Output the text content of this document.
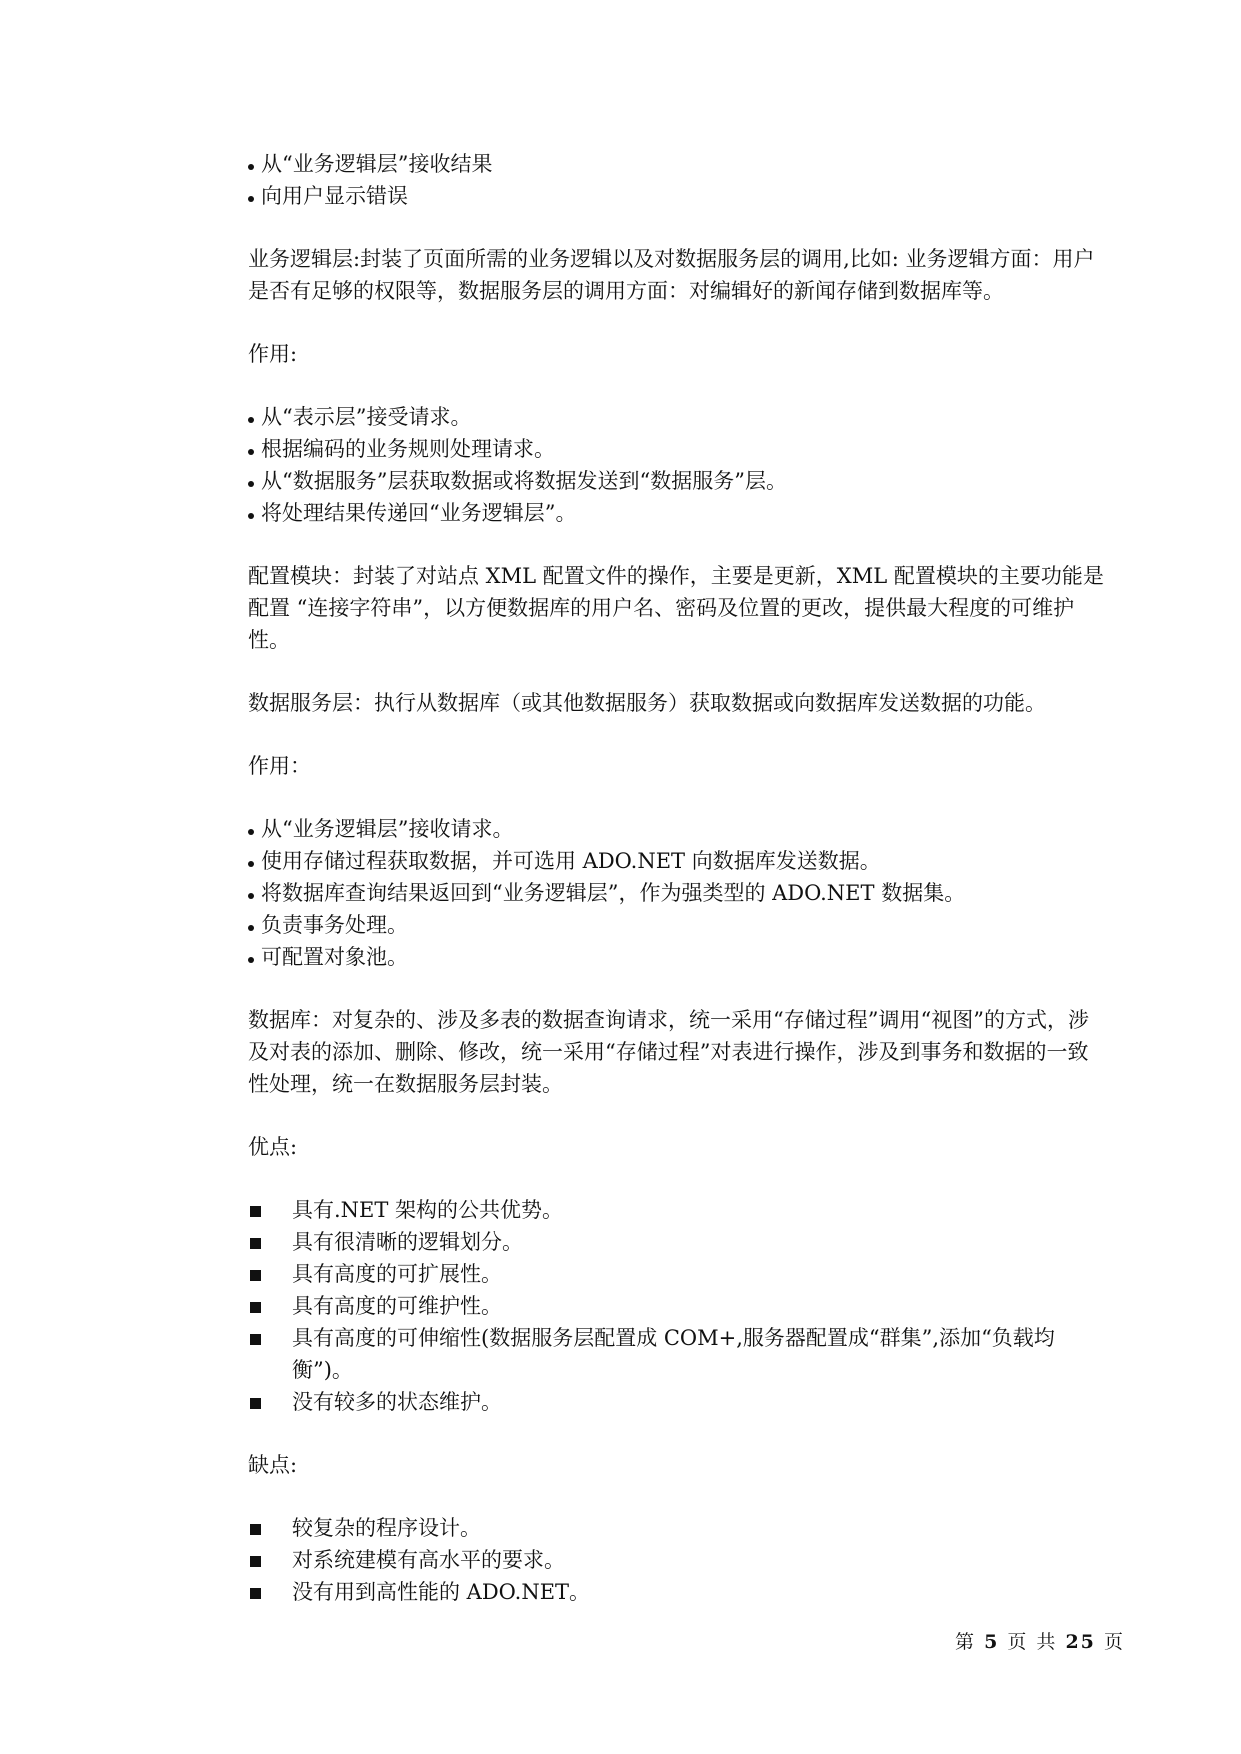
从“业务逻辑层”接收结果

向用户显示错误

业务逻辑层:封装了页面所需的业务逻辑以及对数据服务层的调用,比如: 业务逻辑方面：用户是否有足够的权限等，数据服务层的调用方面：对编辑好的新闻存储到数据库等。

作用:

从“表示层”接受请求。

根据编码的业务规则处理请求。

从“数据服务”层获取数据或将数据发送到“数据服务”层。

将处理结果传递回“业务逻辑层”。

配置模块：封装了对站点 XML 配置文件的操作，主要是更新，XML 配置模块的主要功能是配置 “连接字符串”，以方便数据库的用户名、密码及位置的更改，提供最大程度的可维护性。

数据服务层：执行从数据库（或其他数据服务）获取数据或向数据库发送数据的功能。

作用：

从“业务逻辑层”接收请求。

使用存储过程获取数据，并可选用 ADO.NET 向数据库发送数据。

将数据库查询结果返回到“业务逻辑层”，作为强类型的 ADO.NET 数据集。

负责事务处理。

可配置对象池。

数据库：对复杂的、涉及多表的数据查询请求，统一采用“存储过程”调用“视图”的方式，涉及对表的添加、删除、修改，统一采用“存储过程”对表进行操作，涉及到事务和数据的一致性处理，统一在数据服务层封装。

优点:

具有.NET 架构的公共优势。

具有很清晰的逻辑划分。

具有高度的可扩展性。

具有高度的可维护性。

具有高度的可伸缩性(数据服务层配置成 COM+,服务器配置成“群集”,添加“负载均衡”)。

没有较多的状态维护。

缺点:

较复杂的程序设计。

对系统建模有高水平的要求。

没有用到高性能的 ADO.NET。

第 5 页 共 25 页
